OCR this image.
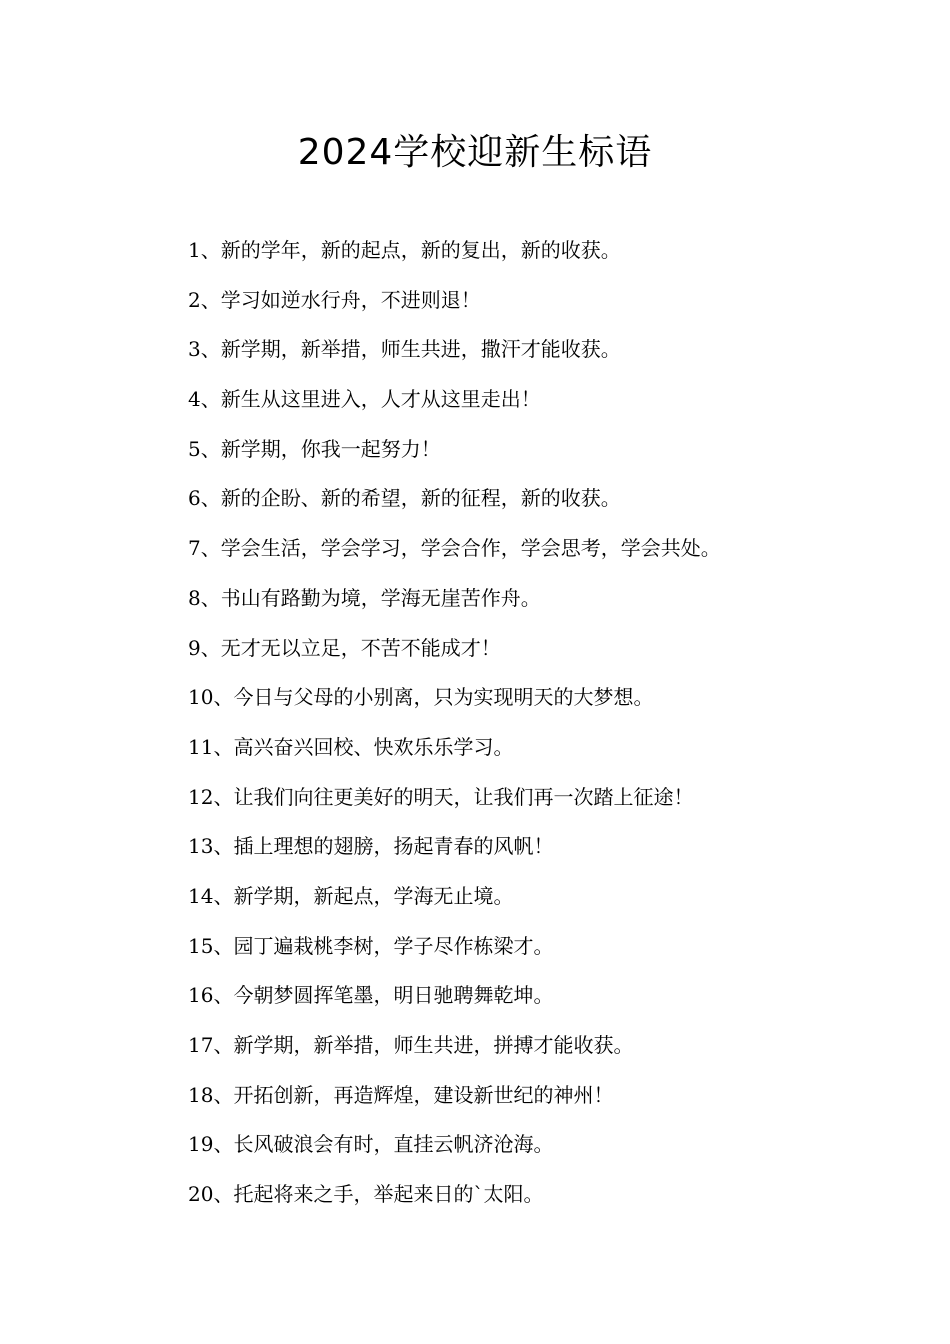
2024学校迎新生标语
1、新的学年，新的起点，新的复出，新的收获。
2、学习如逆水行舟，不进则退！
3、新学期，新举措，师生共进，撒汗才能收获。
4、新生从这里进入，人才从这里走出！
5、新学期，你我一起努力！
6、新的企盼、新的希望，新的征程，新的收获。
7、学会生活，学会学习，学会合作，学会思考，学会共处。
8、书山有路勤为境，学海无崖苦作舟。
9、无才无以立足，不苦不能成才！
10、今日与父母的小别离，只为实现明天的大梦想。
11、高兴奋兴回校、快欢乐乐学习。
12、让我们向往更美好的明天，让我们再一次踏上征途！
13、插上理想的翅膀，扬起青春的风帆！
14、新学期，新起点，学海无止境。
15、园丁遍栽桃李树，学子尽作栋梁才。
16、今朝梦圆挥笔墨，明日驰聘舞乾坤。
17、新学期，新举措，师生共进，拼搏才能收获。
18、开拓创新，再造辉煌，建设新世纪的神州！
19、长风破浪会有时，直挂云帆济沧海。
20、托起将来之手，举起来日的`太阳。
